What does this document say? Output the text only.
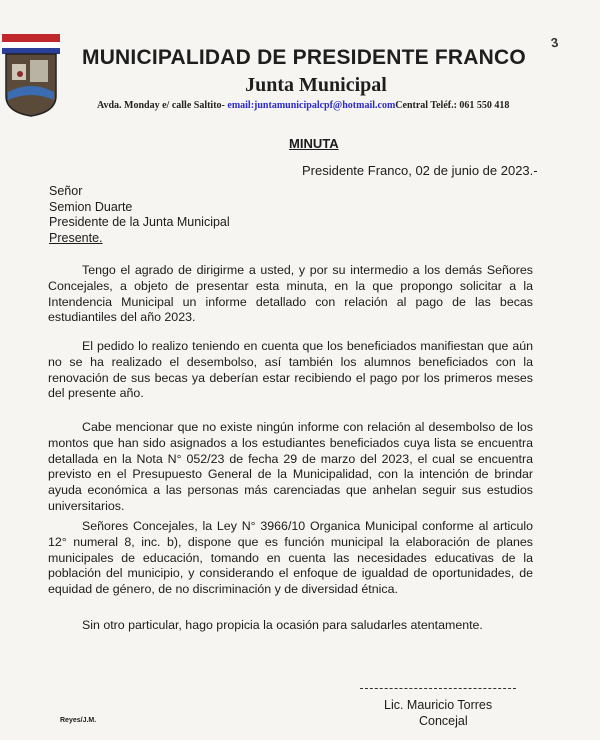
MUNICIPALIDAD DE PRESIDENTE FRANCO
Junta Municipal
Avda. Monday e/ calle Saltito- email:juntamunicipalcpf@hotmail.comCentral Teléf.: 061 550 418
3
MINUTA
Presidente Franco, 02 de junio de 2023.-
Señor
Semion Duarte
Presidente de la Junta Municipal
Presente.
Tengo el agrado de dirigirme a usted, y por su intermedio a los demás Señores Concejales, a objeto de presentar esta minuta, en la que propongo solicitar a la Intendencia Municipal un informe detallado con relación al pago de las becas estudiantiles del año 2023.
El pedido lo realizo teniendo en cuenta que los beneficiados manifiestan que aún no se ha realizado el desembolso, así también los alumnos beneficiados con la renovación de sus becas ya deberían estar recibiendo el pago por los primeros meses del presente año.
Cabe mencionar que no existe ningún informe con relación al desembolso de los montos que han sido asignados a los estudiantes beneficiados cuya lista se encuentra detallada en la Nota N° 052/23 de fecha 29 de marzo del 2023, el cual se encuentra previsto en el Presupuesto General de la Municipalidad, con la intención de brindar ayuda económica a las personas más carenciadas que anhelan seguir sus estudios universitarios.
Señores Concejales, la Ley N° 3966/10 Organica Municipal conforme al articulo 12° numeral 8, inc. b), dispone que es función municipal la elaboración de planes municipales de educación, tomando en cuenta las necesidades educativas de la población del municipio, y considerando el enfoque de igualdad de oportunidades, de equidad de género, de no discriminación y de diversidad étnica.
Sin otro particular, hago propicia la ocasión para saludarles atentamente.
Lic. Mauricio Torres
Concejal
Reyes/J.M.
